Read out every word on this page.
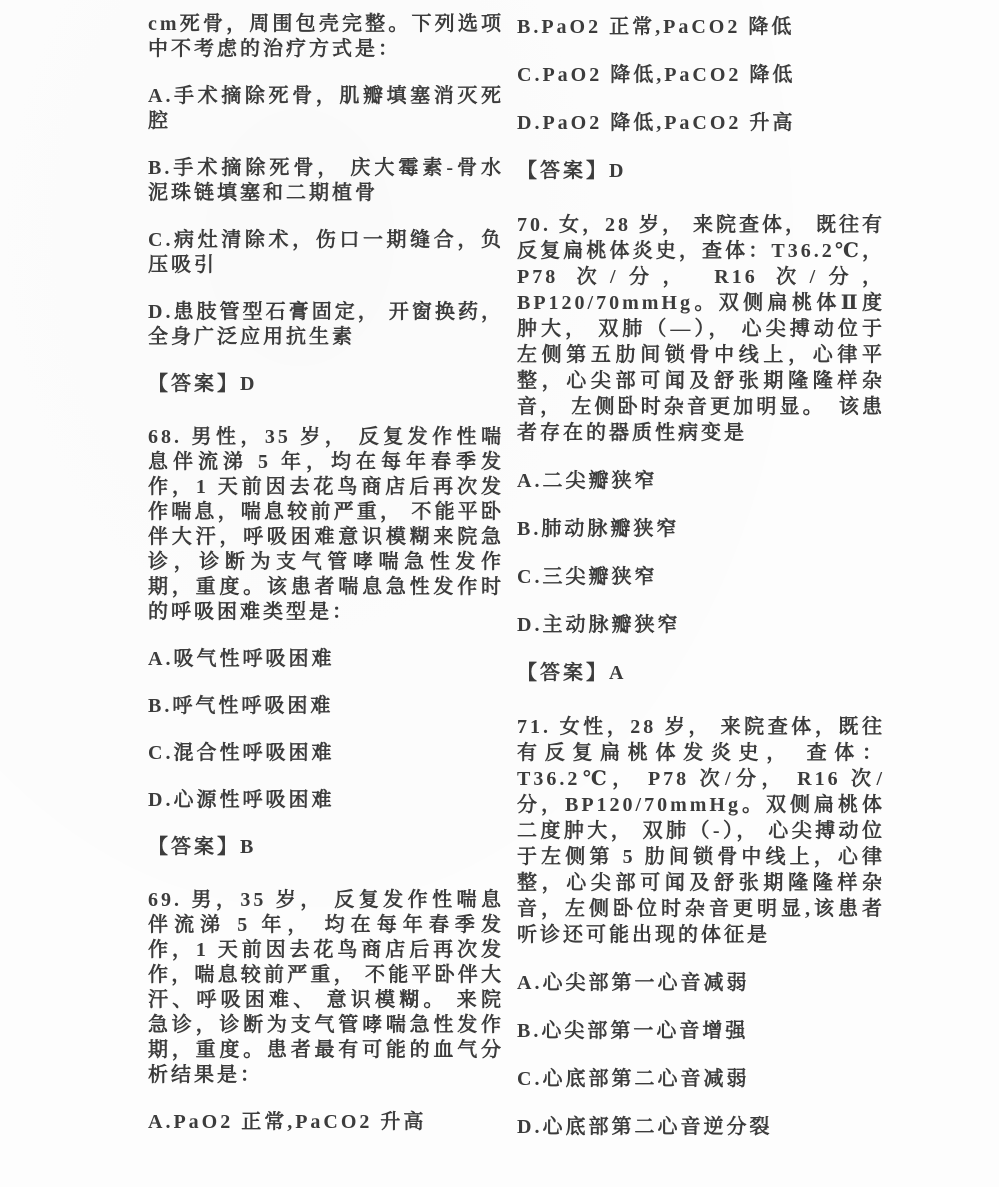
cm死骨，周围包壳完整。下列选项中不考虑的治疗方式是：

A.手术摘除死骨，肌瓣填塞消灭死腔

B.手术摘除死骨， 庆大霉素-骨水泥珠链填塞和二期植骨

C.病灶清除术，伤口一期缝合，负压吸引

D.患肢管型石膏固定， 开窗换药，全身广泛应用抗生素

【答案】D

68. 男性，35 岁， 反复发作性喘息伴流涕 5 年，均在每年春季发作，1 天前因去花鸟商店后再次发作喘息，喘息较前严重， 不能平卧伴大汗，呼吸困难意识模糊来院急诊，诊断为支气管哮喘急性发作期，重度。该患者喘息急性发作时的呼吸困难类型是：

A.吸气性呼吸困难

B.呼气性呼吸困难

C.混合性呼吸困难

D.心源性呼吸困难

【答案】B

69. 男，35 岁， 反复发作性喘息伴流涕 5 年， 均在每年春季发作，1 天前因去花鸟商店后再次发作，喘息较前严重， 不能平卧伴大汗、呼吸困难、 意识模糊。 来院急诊，诊断为支气管哮喘急性发作期，重度。患者最有可能的血气分析结果是：

A.PaO2 正常,PaCO2 升高

B.PaO2 正常,PaCO2 降低

C.PaO2 降低,PaCO2 降低

D.PaO2 降低,PaCO2 升高

【答案】D

70. 女，28 岁， 来院查体， 既往有反复扁桃体炎史，查体：T36.2℃，P78 次/分， R16 次/分，BP120/70mmHg。双侧扁桃体Ⅱ度肿大， 双肺（—）， 心尖搏动位于左侧第五肋间锁骨中线上，心律平整，心尖部可闻及舒张期隆隆样杂音， 左侧卧时杂音更加明显。　该患者存在的器质性病变是

A.二尖瓣狭窄

B.肺动脉瓣狭窄

C.三尖瓣狭窄

D.主动脉瓣狭窄

【答案】A

71. 女性，28 岁， 来院查体，既往有反复扁桃体发炎史， 查体：T36.2℃， P78 次/分， R16 次/分，BP120/70mmHg。双侧扁桃体二度肿大， 双肺（-）， 心尖搏动位于左侧第 5 肋间锁骨中线上，心律整，心尖部可闻及舒张期隆隆样杂音，左侧卧位时杂音更明显,该患者听诊还可能出现的体征是

A.心尖部第一心音减弱

B.心尖部第一心音增强

C.心底部第二心音减弱

D.心底部第二心音逆分裂
